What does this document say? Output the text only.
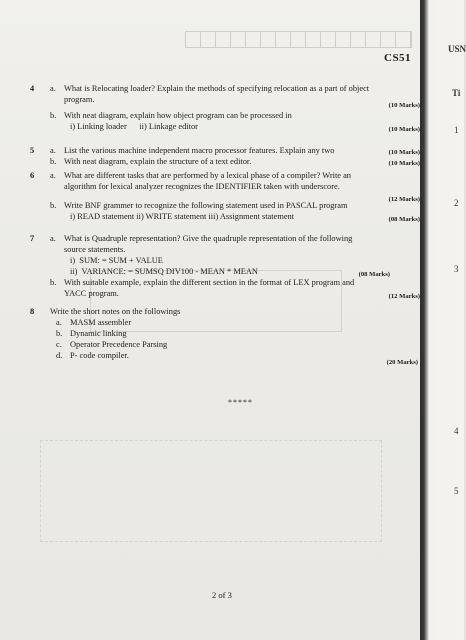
CS51
4 a. What is Relocating loader? Explain the methods of specifying relocation as a part of object
program.
(10 Marks)
b. With neat diagram, explain how object program can be processed in
i) Linking loader      ii) Linkage editor	(10 Marks)
5 a. List the various machine independent macro processor features. Explain any two	(10 Marks)
b. With neat diagram, explain the structure of a text editor.	(10 Marks)
6 a. What are different tasks that are performed by a lexical phase of a compiler? Write an
algorithm for lexical analyzer recognizes the IDENTIFIER taken with underscore.
(12 Marks)
b. Write BNF grammer to recognize the following statement used in PASCAL program
i) READ statement ii) WRITE statement iii) Assignment statement	(08 Marks)
7 a. What is Quadruple representation? Give the quadruple representation of the following
source statements.
i)  SUM: = SUM + VALUE
ii)  VARIANCE: = SUMSQ DIV100 - MEAN * MEAN	(08 Marks)
b. With suitable example, explain the different section in the format of LEX program and
YACC program.	(12 Marks)
8 Write the short notes on the followings
a. MASM assembler
b. Dynamic linking
c. Operator Precedence Parsing
d. P- code compiler.
(20 Marks)
*****
2 of 3
USN
Ti
1
2
3
4
5
